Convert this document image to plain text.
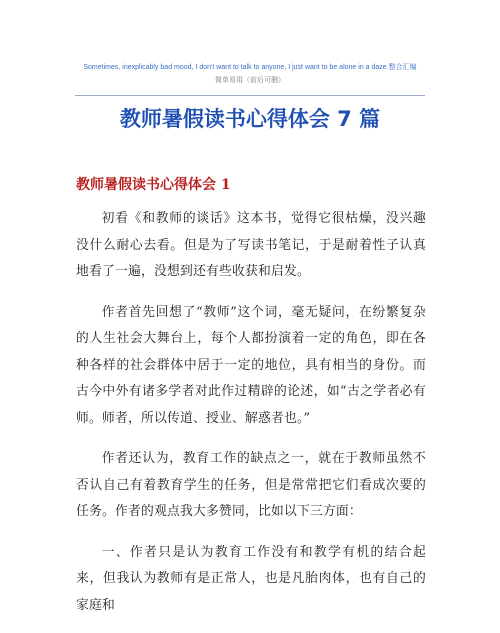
Sometimes, inexplicably bad mood, I don't want to talk to anyone, I just want to be alone in a daze.整合汇编
简单易用（前后可删）
教师暑假读书心得体会 7 篇
教师暑假读书心得体会 1

初看《和教师的谈话》这本书，觉得它很枯燥，没兴趣没什么耐心去看。但是为了写读书笔记，于是耐着性子认真地看了一遍，没想到还有些收获和启发。

作者首先回想了“教师”这个词，毫无疑问，在纷繁复杂的人生社会大舞台上，每个人都扮演着一定的角色，即在各种各样的社会群体中居于一定的地位，具有相当的身份。而古今中外有诸多学者对此作过精辟的论述，如“古之学者必有师。师者，所以传道、授业、解惑者也。”

作者还认为，教育工作的缺点之一，就在于教师虽然不否认自己有着教育学生的任务，但是常常把它们看成次要的任务。作者的观点我大多赞同，比如以下三方面：

一、作者只是认为教育工作没有和教学有机的结合起来，但我认为教师有是正常人，也是凡胎肉体，也有自己的家庭和
